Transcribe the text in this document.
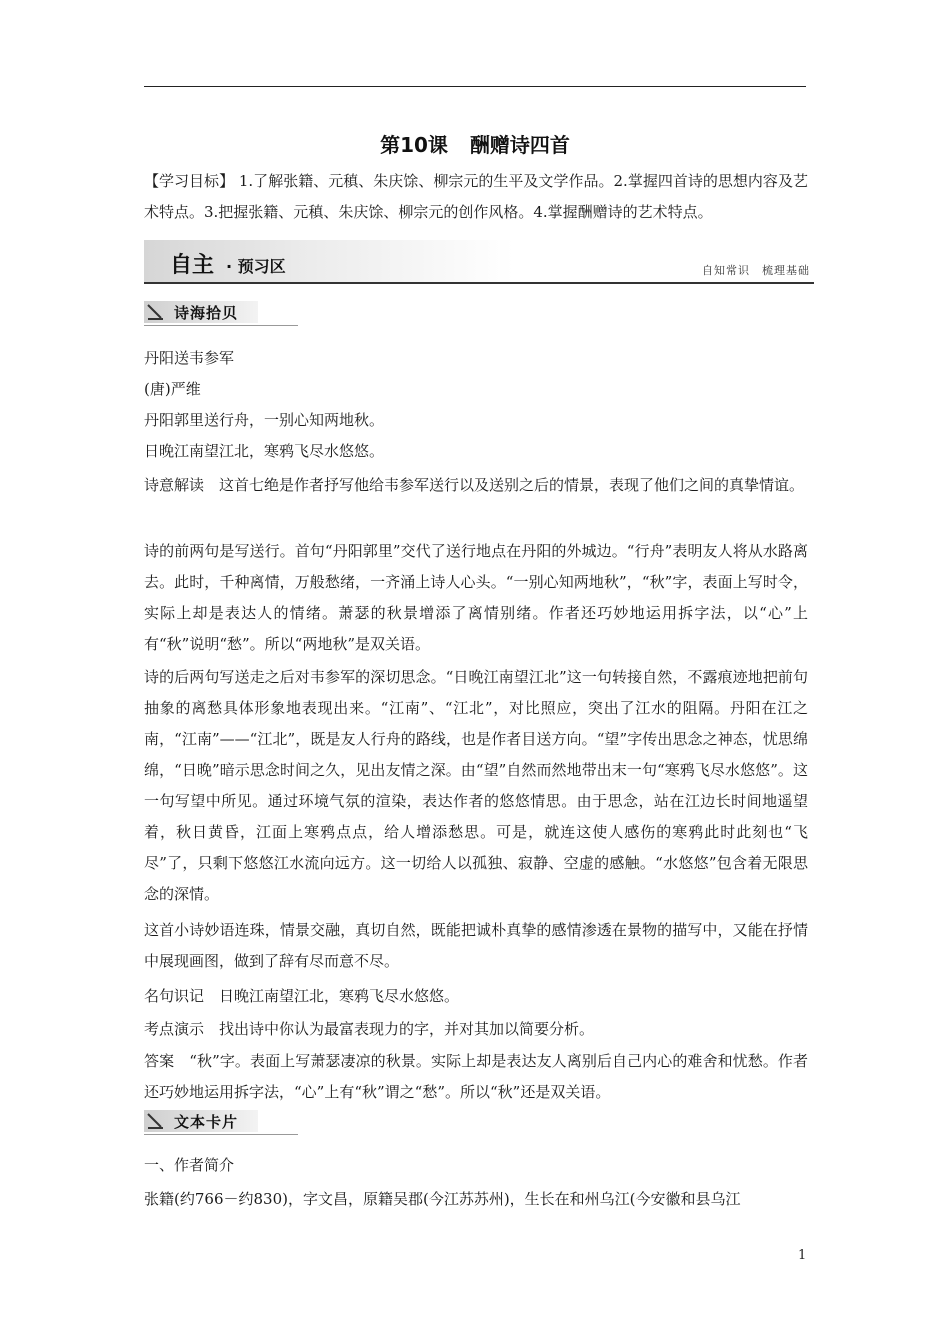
第10课 酬赠诗四首
【学习目标】 1.了解张籍、元稹、朱庆馀、柳宗元的生平及文学作品。2.掌握四首诗的思想内容及艺术特点。3.把握张籍、元稹、朱庆馀、柳宗元的创作风格。4.掌握酬赠诗的艺术特点。
自主 · 预习区	自知常识　梳理基础
诗海拾贝
丹阳送韦参军
(唐)严维
丹阳郭里送行舟，一别心知两地秋。
日晚江南望江北，寒鸦飞尽水悠悠。
诗意解读　这首七绝是作者抒写他给韦参军送行以及送别之后的情景，表现了他们之间的真挚情谊。
诗的前两句是写送行。首句“丹阳郭里”交代了送行地点在丹阳的外城边。“行舟”表明友人将从水路离去。此时，千种离情，万般愁绪，一齐涌上诗人心头。“一别心知两地秋”，“秋”字，表面上写时令，实际上却是表达人的情绪。萧瑟的秋景增添了离情别绪。作者还巧妙地运用拆字法，以“心”上有“秋”说明“愁”。所以“两地秋”是双关语。
诗的后两句写送走之后对韦参军的深切思念。“日晚江南望江北”这一句转接自然，不露痕迹地把前句抽象的离愁具体形象地表现出来。“江南”、“江北”，对比照应，突出了江水的阻隔。丹阳在江之南，“江南”——“江北”，既是友人行舟的路线，也是作者目送方向。“望”字传出思念之神态，忧思绵绵，“日晚”暗示思念时间之久，见出友情之深。由“望”自然而然地带出末一句“寒鸦飞尽水悠悠”。这一句写望中所见。通过环境气氛的渲染，表达作者的悠悠情思。由于思念，站在江边长时间地遥望着，秋日黄昏，江面上寒鸦点点，给人增添愁思。可是，就连这使人感伤的寒鸦此时此刻也“飞尽”了，只剩下悠悠江水流向远方。这一切给人以孤独、寂静、空虚的感触。“水悠悠”包含着无限思念的深情。
这首小诗妙语连珠，情景交融，真切自然，既能把诚朴真挚的感情渗透在景物的描写中，又能在抒情中展现画图，做到了辞有尽而意不尽。
名句识记　日晚江南望江北，寒鸦飞尽水悠悠。
考点演示　找出诗中你认为最富表现力的字，并对其加以简要分析。
答案　“秋”字。表面上写萧瑟凄凉的秋景。实际上却是表达友人离别后自己内心的难舍和忧愁。作者还巧妙地运用拆字法，“心”上有“秋”谓之“愁”。所以“秋”还是双关语。
文本卡片
一、作者简介
张籍(约766－约830)，字文昌，原籍吴郡(今江苏苏州)，生长在和州乌江(今安徽和县乌江
1
